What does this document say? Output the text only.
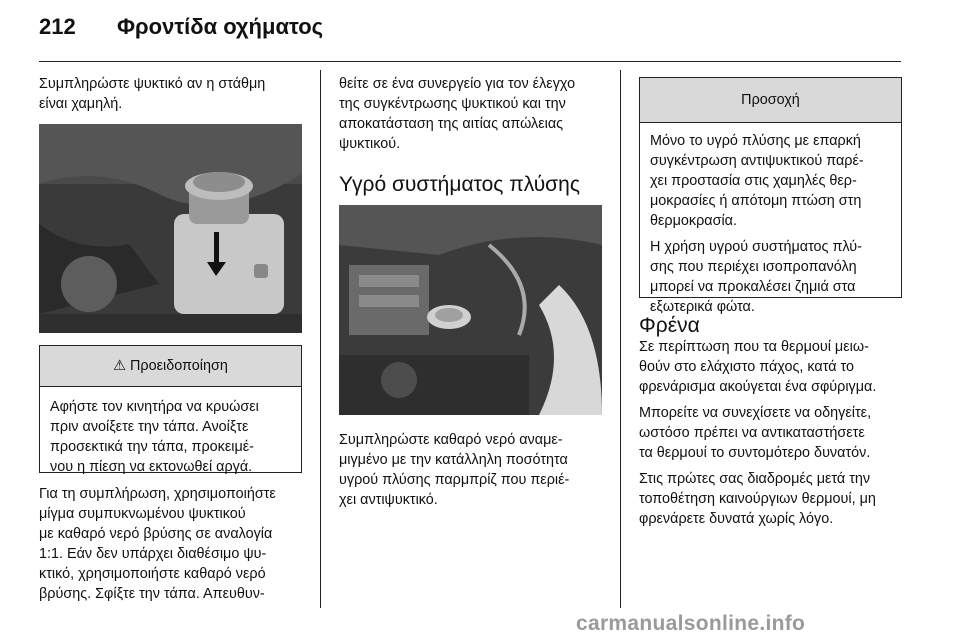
212 Φροντίδα οχήματος
Συμπληρώστε ψυκτικό αν η στάθμη
είναι χαμηλή.
⚠ Προειδοποίηση
Αφήστε τον κινητήρα να κρυώσει
πριν ανοίξετε την τάπα. Ανοίξτε
προσεκτικά την τάπα, προκειμέ-
νου η πίεση να εκτονωθεί αργά.
Για τη συμπλήρωση, χρησιμοποιήστε
μίγμα συμπυκνωμένου ψυκτικού
με καθαρό νερό βρύσης σε αναλογία
1:1. Εάν δεν υπάρχει διαθέσιμο ψυ-
κτικό, χρησιμοποιήστε καθαρό νερό
βρύσης. Σφίξτε την τάπα. Απευθυν-
θείτε σε ένα συνεργείο για τον έλεγχο
της συγκέντρωσης ψυκτικού και την
αποκατάσταση της αιτίας απώλειας
ψυκτικού.
Υγρό συστήματος πλύσης
Συμπληρώστε καθαρό νερό αναμε-
μιγμένο με την κατάλληλη ποσότητα
υγρού πλύσης παρμπρίζ που περιέ-
χει αντιψυκτικό.
Προσοχή
Μόνο το υγρό πλύσης με επαρκή
συγκέντρωση αντιψυκτικού παρέ-
χει προστασία στις χαμηλές θερ-
μοκρασίες ή απότομη πτώση στη
θερμοκρασία.
Η χρήση υγρού συστήματος πλύ-
σης που περιέχει ισοπροπανόλη
μπορεί να προκαλέσει ζημιά στα
εξωτερικά φώτα.
Φρένα
Σε περίπτωση που τα θερμουί μειω-
θούν στο ελάχιστο πάχος, κατά το
φρενάρισμα ακούγεται ένα σφύριγμα.
Μπορείτε να συνεχίσετε να οδηγείτε,
ωστόσο πρέπει να αντικαταστήσετε
τα θερμουί το συντομότερο δυνατόν.
Στις πρώτες σας διαδρομές μετά την
τοποθέτηση καινούργιων θερμουί, μη
φρενάρετε δυνατά χωρίς λόγο.
carmanualsonline.info
